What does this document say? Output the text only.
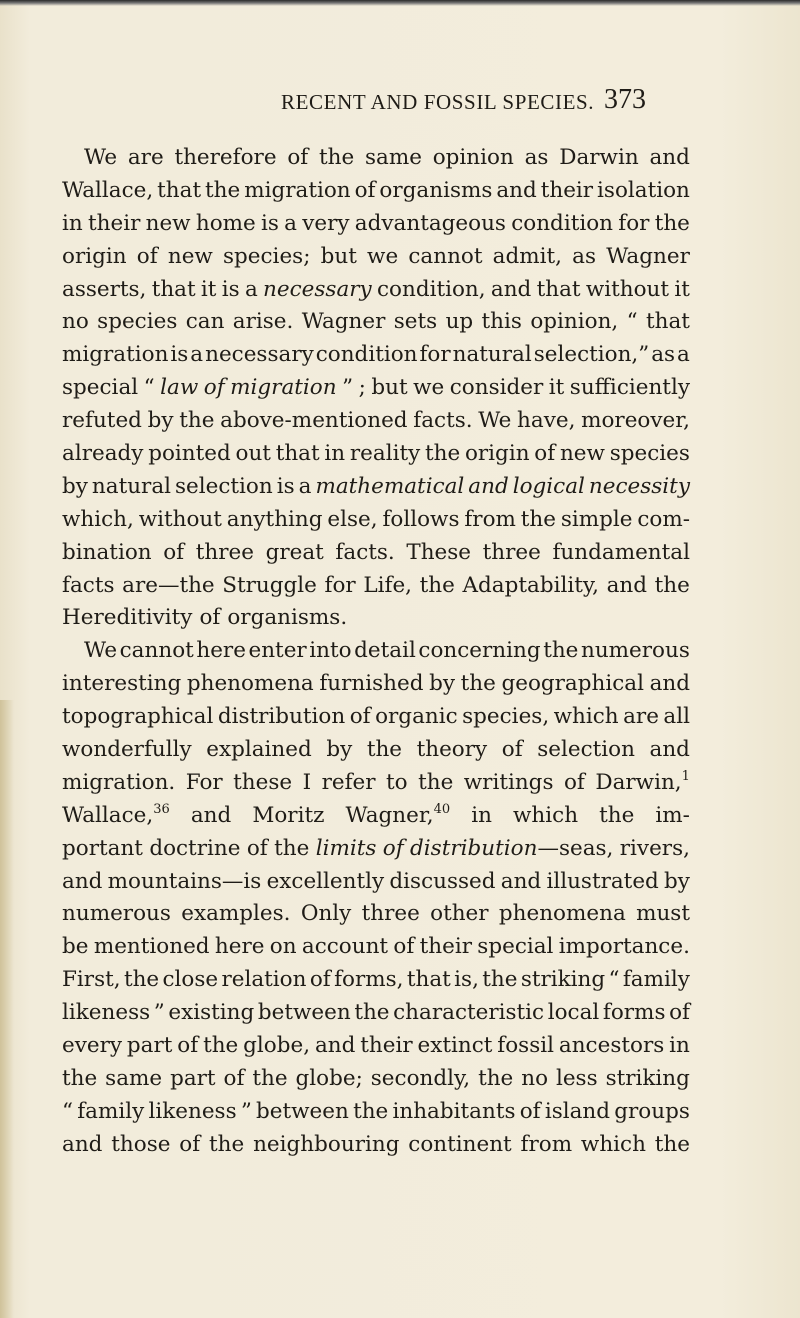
RECENT AND FOSSIL SPECIES. 373
We are therefore of the same opinion as Darwin and
Wallace, that the migration of organisms and their isolation
in their new home is a very advantageous condition for the
origin of new species; but we cannot admit, as Wagner
asserts, that it is a necessary condition, and that without it
no species can arise. Wagner sets up this opinion, “ that
migration is a necessary condition for natural selection,” as a
special “ law of migration ” ; but we consider it sufficiently
refuted by the above-mentioned facts. We have, moreover,
already pointed out that in reality the origin of new species
by natural selection is a mathematical and logical necessity
which, without anything else, follows from the simple com-
bination of three great facts. These three fundamental
facts are—the Struggle for Life, the Adaptability, and the
Hereditivity of organisms.
We cannot here enter into detail concerning the numerous
interesting phenomena furnished by the geographical and
topographical distribution of organic species, which are all
wonderfully explained by the theory of selection and
migration. For these I refer to the writings of Darwin,$^1$
Wallace,$^{36}$ and Moritz Wagner,$^{40}$ in which the im-
portant doctrine of the limits of distribution—seas, rivers,
and mountains—is excellently discussed and illustrated by
numerous examples. Only three other phenomena must
be mentioned here on account of their special importance.
First, the close relation of forms, that is, the striking “ family
likeness ” existing between the characteristic local forms of
every part of the globe, and their extinct fossil ancestors in
the same part of the globe; secondly, the no less striking
“ family likeness ” between the inhabitants of island groups
and those of the neighbouring continent from which the
